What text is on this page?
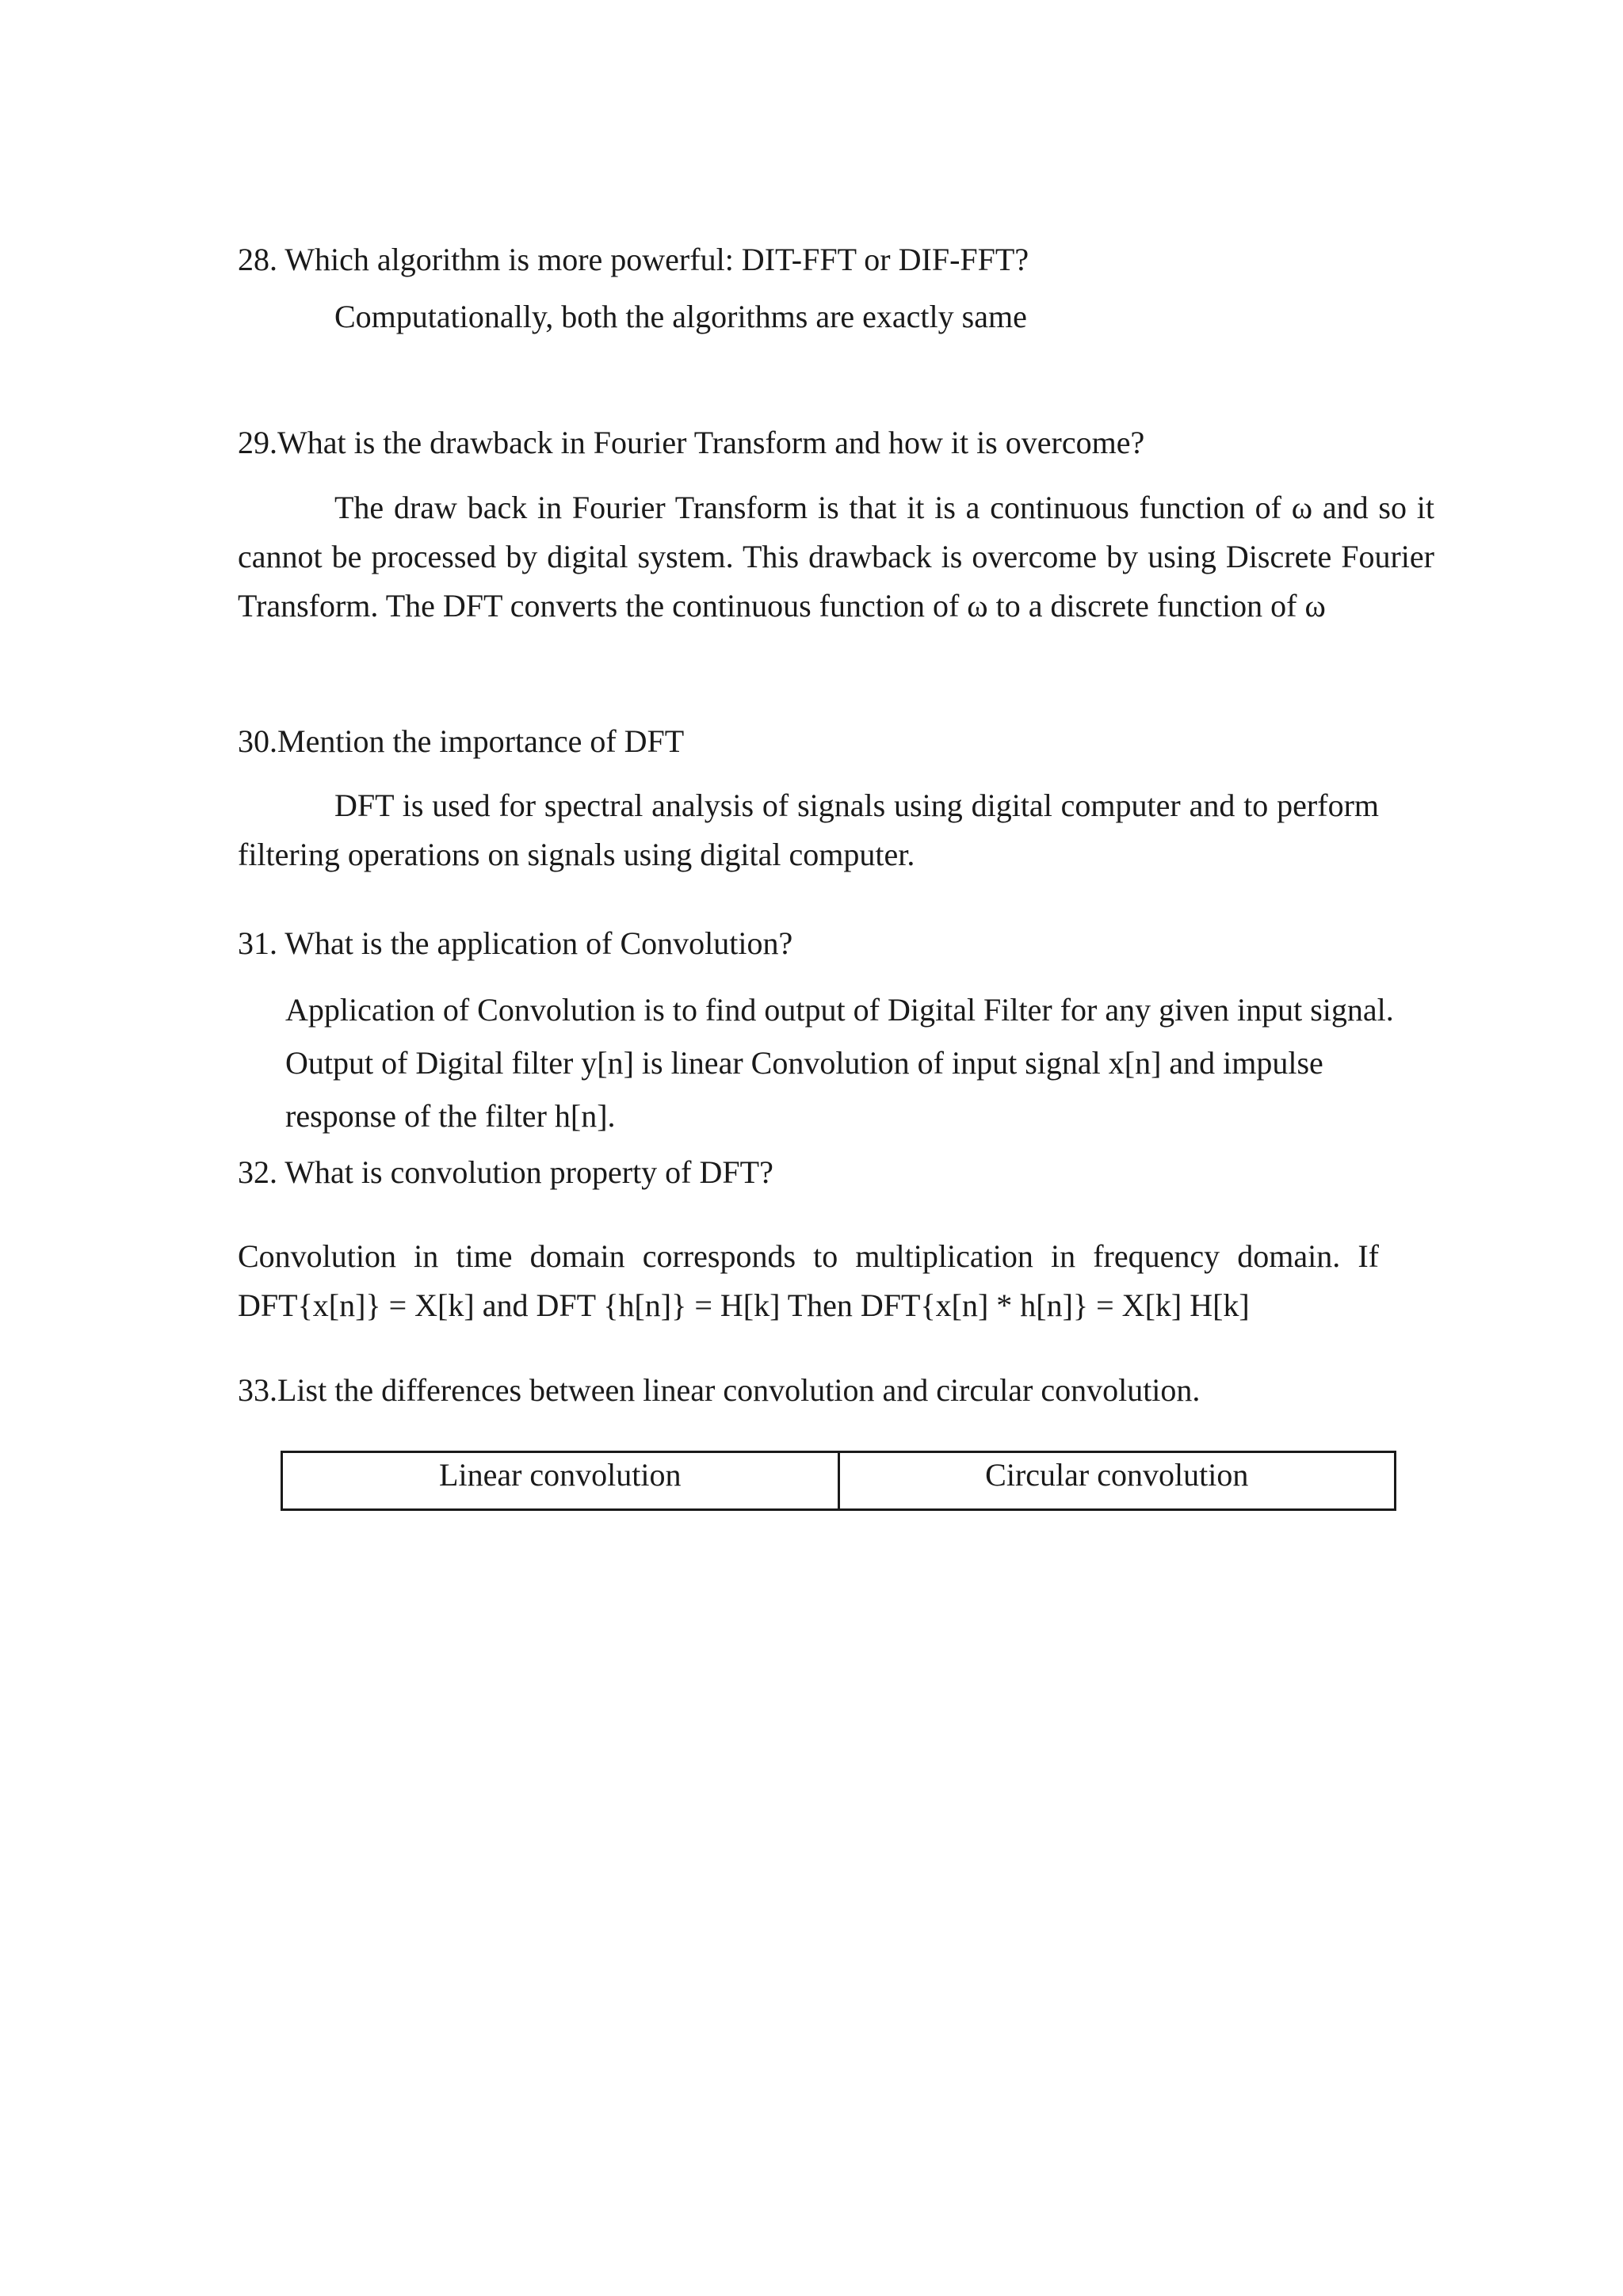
28. Which algorithm is more powerful: DIT-FFT or DIF-FFT?
Computationally, both the algorithms are exactly same
29.What is the drawback in Fourier Transform and how it is overcome?
The draw back in Fourier Transform is that it is a continuous function of ω and so it cannot be processed by digital system. This drawback is overcome by using Discrete Fourier Transform. The DFT converts the continuous function of ω to a discrete function of ω
30.Mention the importance of DFT
DFT is used for spectral analysis of signals using digital computer and to perform filtering operations on signals using digital computer.
31. What is the application of Convolution?
Application of Convolution is to find output of Digital Filter for any given input signal.
Output of Digital filter y[n] is linear Convolution of input signal x[n] and impulse
response of the filter h[n].
32. What is convolution property of DFT?
Convolution in time domain corresponds to multiplication in frequency domain. If
DFT{x[n]} = X[k] and DFT {h[n]} = H[k] Then DFT{x[n] * h[n]} = X[k] H[k]
33.List the differences between linear convolution and circular convolution.
Linear convolution	Circular convolution
